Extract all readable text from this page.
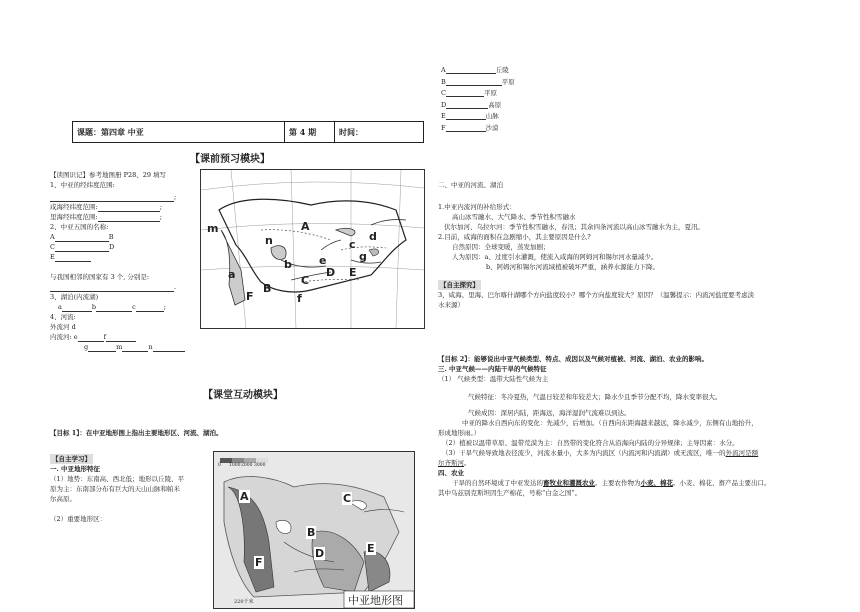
A	丘陵
B	平原
C	平原
D	高原
E	山脉
F	沙漠
课题：第四章 中亚	第 4 期	时间：
【课前预习模块】
【读图识记】参考地图册 P28、29 填写
1、中亚的经纬度范围:
;
咸海经纬度范围:	;
里海经纬度范围:	;
2、中亚五国的名称:
A	B
C	D
E
与我国相邻的国家有 3 个, 分别是:
.
3、湖泊(内流湖)
a	b	c	;
4、河流:
外流河 d
内流河: e	f
g	m	n
A
B
C
D E
F
a
b
c
d
e
f
g
m
n
【课堂互动模块】
【目标 1】：在中亚地形图上指出主要地形区、河流、湖泊。
【自主学习】
一. 中亚地形特征
（1）地势：东南高、西北低；地形以丘陵、平
原为主：东南部分布有巨大的天山山脉和帕米
尔高原。
（2）重要地形区：
0 1000 2000 3000
A
B
C
D	E
F
220千米	中亚地形图
二、中亚的河流、湖泊
1.中亚内流河的补给形式：
高山冰雪融水、大气降水、季节性积雪融水
伏尔加河、乌拉尔河：季节性积雪融水，春汛；其余四条河流以高山冰雪融水为主，夏汛。
2.目前，咸海的面积在急剧缩小，其主要原因是什么?
自然原因：全球变暖，蒸发加剧；
人为原因：a、过度引水灌溉，使流入咸海的阿姆河和锡尔河水量减少。
b、阿姆河和锡尔河流域植被破坏严重，涵养水源能力下降。
【自主探究】
3、咸海、里海、巴尔喀什湖哪个方向盐度较小？哪个方向盐度较大？原因？（温馨提示：内流河盐度要考虑淡
水来源）
【目标 2】：能够说出中亚气候类型、特点、成因以及气候对植被、河流、湖泊、农业的影响。
三. 中亚气候——内陆干旱的气候特征
（1） 气候类型：温带大陆性气候为主
气候特征：冬冷夏热，气温日较差和年较差大；降水少且季节分配不均，降水变率很大。
气候成因：深居内陆，距海远，海洋湿润气流难以到达。
中亚的降水自西向东的变化：先减少，后增加。（自西向东距海越来越远，降水减少，东侧有山地抬升，
形成地形雨。）
（2）植被以温带草原、温带荒漠为主：自然带的变化符合从沿海向内陆的分异规律；主导因素：水分。
（3）干旱气候导致地表径流少，河流水量小，大多为内流区（内流河和内流湖）或无流区，唯一的外流河是额
尔齐斯河。
四、农业
干旱的自然环境成了中亚发达的畜牧业和灌溉农业。主要农作物为小麦、棉花。小麦、棉花、畜产品主要出口。
其中乌兹别克斯坦因生产棉花，号称“白金之国”。
